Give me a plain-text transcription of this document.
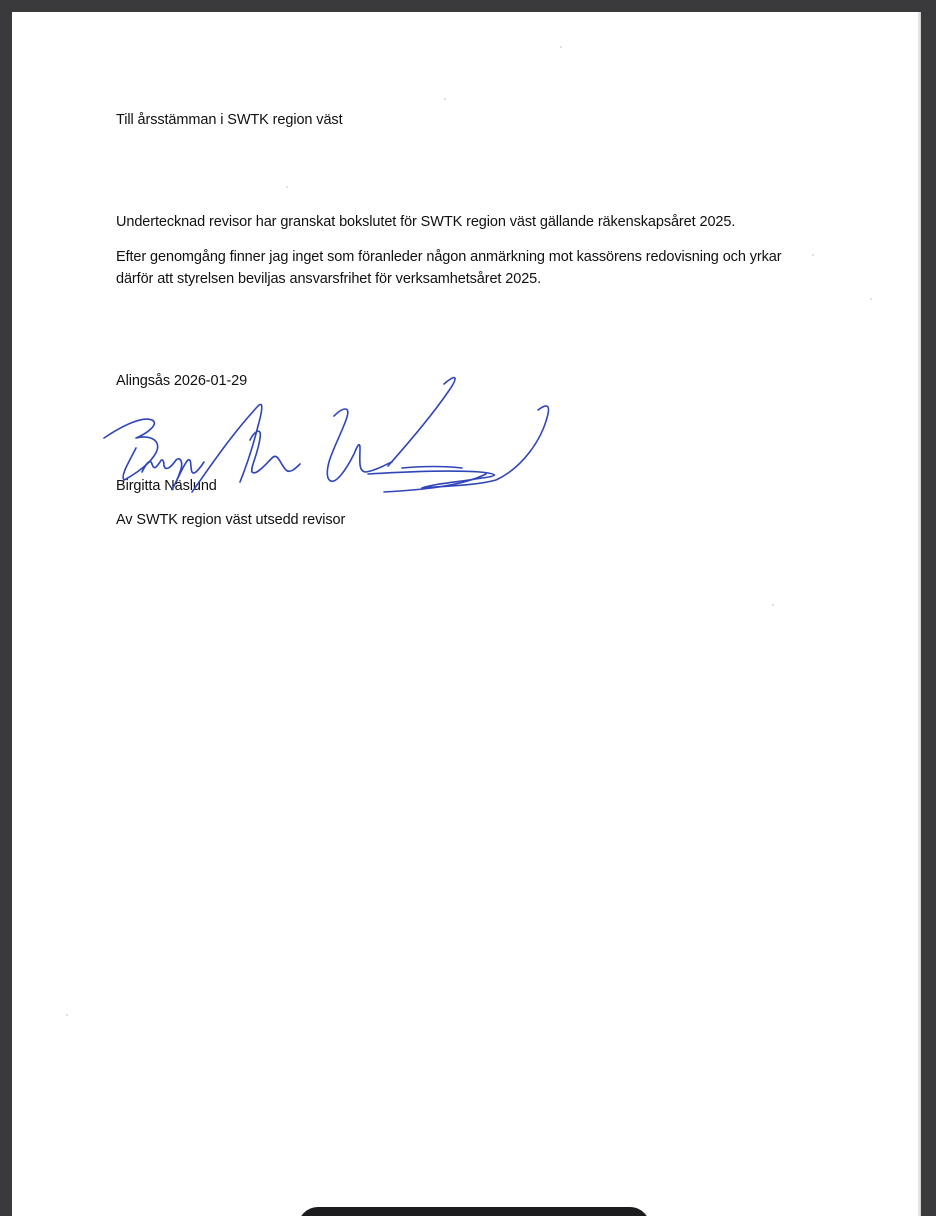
Till årsstämman i SWTK region väst

Undertecknad revisor har granskat bokslutet för SWTK region väst gällande räkenskapsåret 2025.

Efter genomgång finner jag inget som föranleder någon anmärkning mot kassörens redovisning och yrkar därför att styrelsen beviljas ansvarsfrihet för verksamhetsåret 2025.

Alingsås 2026-01-29

Birgitta Näslund

Av SWTK region väst utsedd revisor
